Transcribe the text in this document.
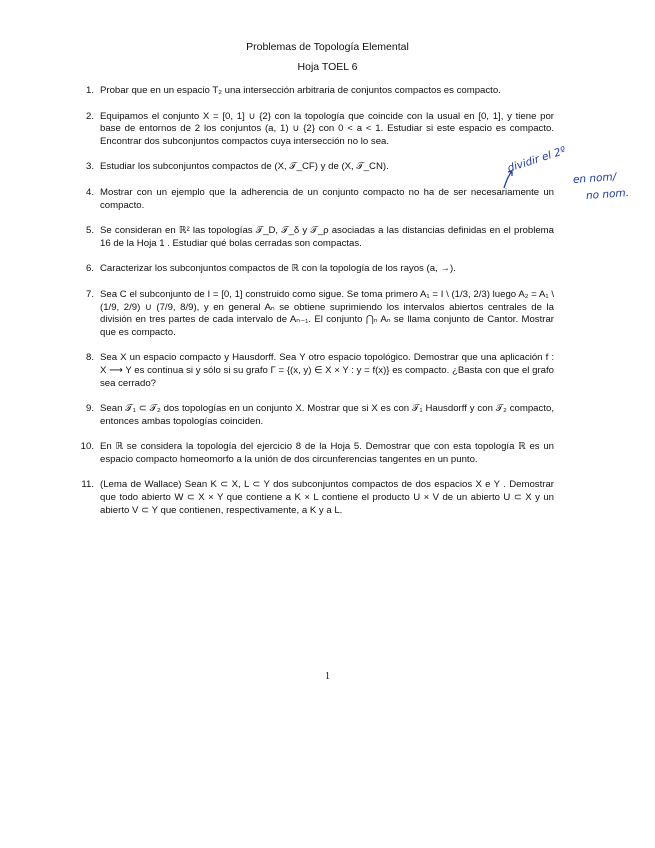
Problemas de Topología Elemental
Hoja TOEL 6
1. Probar que en un espacio T₂ una intersección arbitraria de conjuntos compactos es compacto.
2. Equipamos el conjunto X = [0, 1] ∪ {2} con la topología que coincide con la usual en [0, 1], y tiene por base de entornos de 2 los conjuntos (a, 1) ∪ {2} con 0 < a < 1. Estudiar si este espacio es compacto. Encontrar dos subconjuntos compactos cuya intersección no lo sea.
3. Estudiar los subconjuntos compactos de (X, 𝒯_CF) y de (X, 𝒯_CN).
4. Mostrar con un ejemplo que la adherencia de un conjunto compacto no ha de ser necesariamente un compacto.
5. Se consideran en ℝ² las topologías 𝒯_D, 𝒯_δ y 𝒯_ρ asociadas a las distancias definidas en el problema 16 de la Hoja 1 . Estudiar qué bolas cerradas son compactas.
6. Caracterizar los subconjuntos compactos de ℝ con la topología de los rayos (a, →).
7. Sea C el subconjunto de I = [0, 1] construido como sigue. Se toma primero A₁ = I \ (1/3, 2/3) luego A₂ = A₁ \ (1/9, 2/9) ∪ (7/9, 8/9), y en general Aₙ se obtiene suprimiendo los intervalos abiertos centrales de la división en tres partes de cada intervalo de Aₙ₋₁. El conjunto ⋂ₙ Aₙ se llama conjunto de Cantor. Mostrar que es compacto.
8. Sea X un espacio compacto y Hausdorff. Sea Y otro espacio topológico. Demostrar que una aplicación f : X ⟶ Y es continua si y sólo si su grafo Γ = {(x, y) ∈ X × Y : y = f(x)} es compacto. ¿Basta con que el grafo sea cerrado?
9. Sean 𝒯₁ ⊂ 𝒯₂ dos topologías en un conjunto X. Mostrar que si X es con 𝒯₁ Hausdorff y con 𝒯₂ compacto, entonces ambas topologías coinciden.
10. En ℝ se considera la topología del ejercicio 8 de la Hoja 5. Demostrar que con esta topología ℝ es un espacio compacto homeomorfo a la unión de dos circunferencias tangentes en un punto.
11. (Lema de Wallace) Sean K ⊂ X, L ⊂ Y dos subconjuntos compactos de dos espacios X e Y . Demostrar que todo abierto W ⊂ X × Y que contiene a K × L contiene el producto U × V de un abierto U ⊂ X y un abierto V ⊂ Y que contienen, respectivamente, a K y a L.
dividir el 2º
en nom/
no nom.
1
